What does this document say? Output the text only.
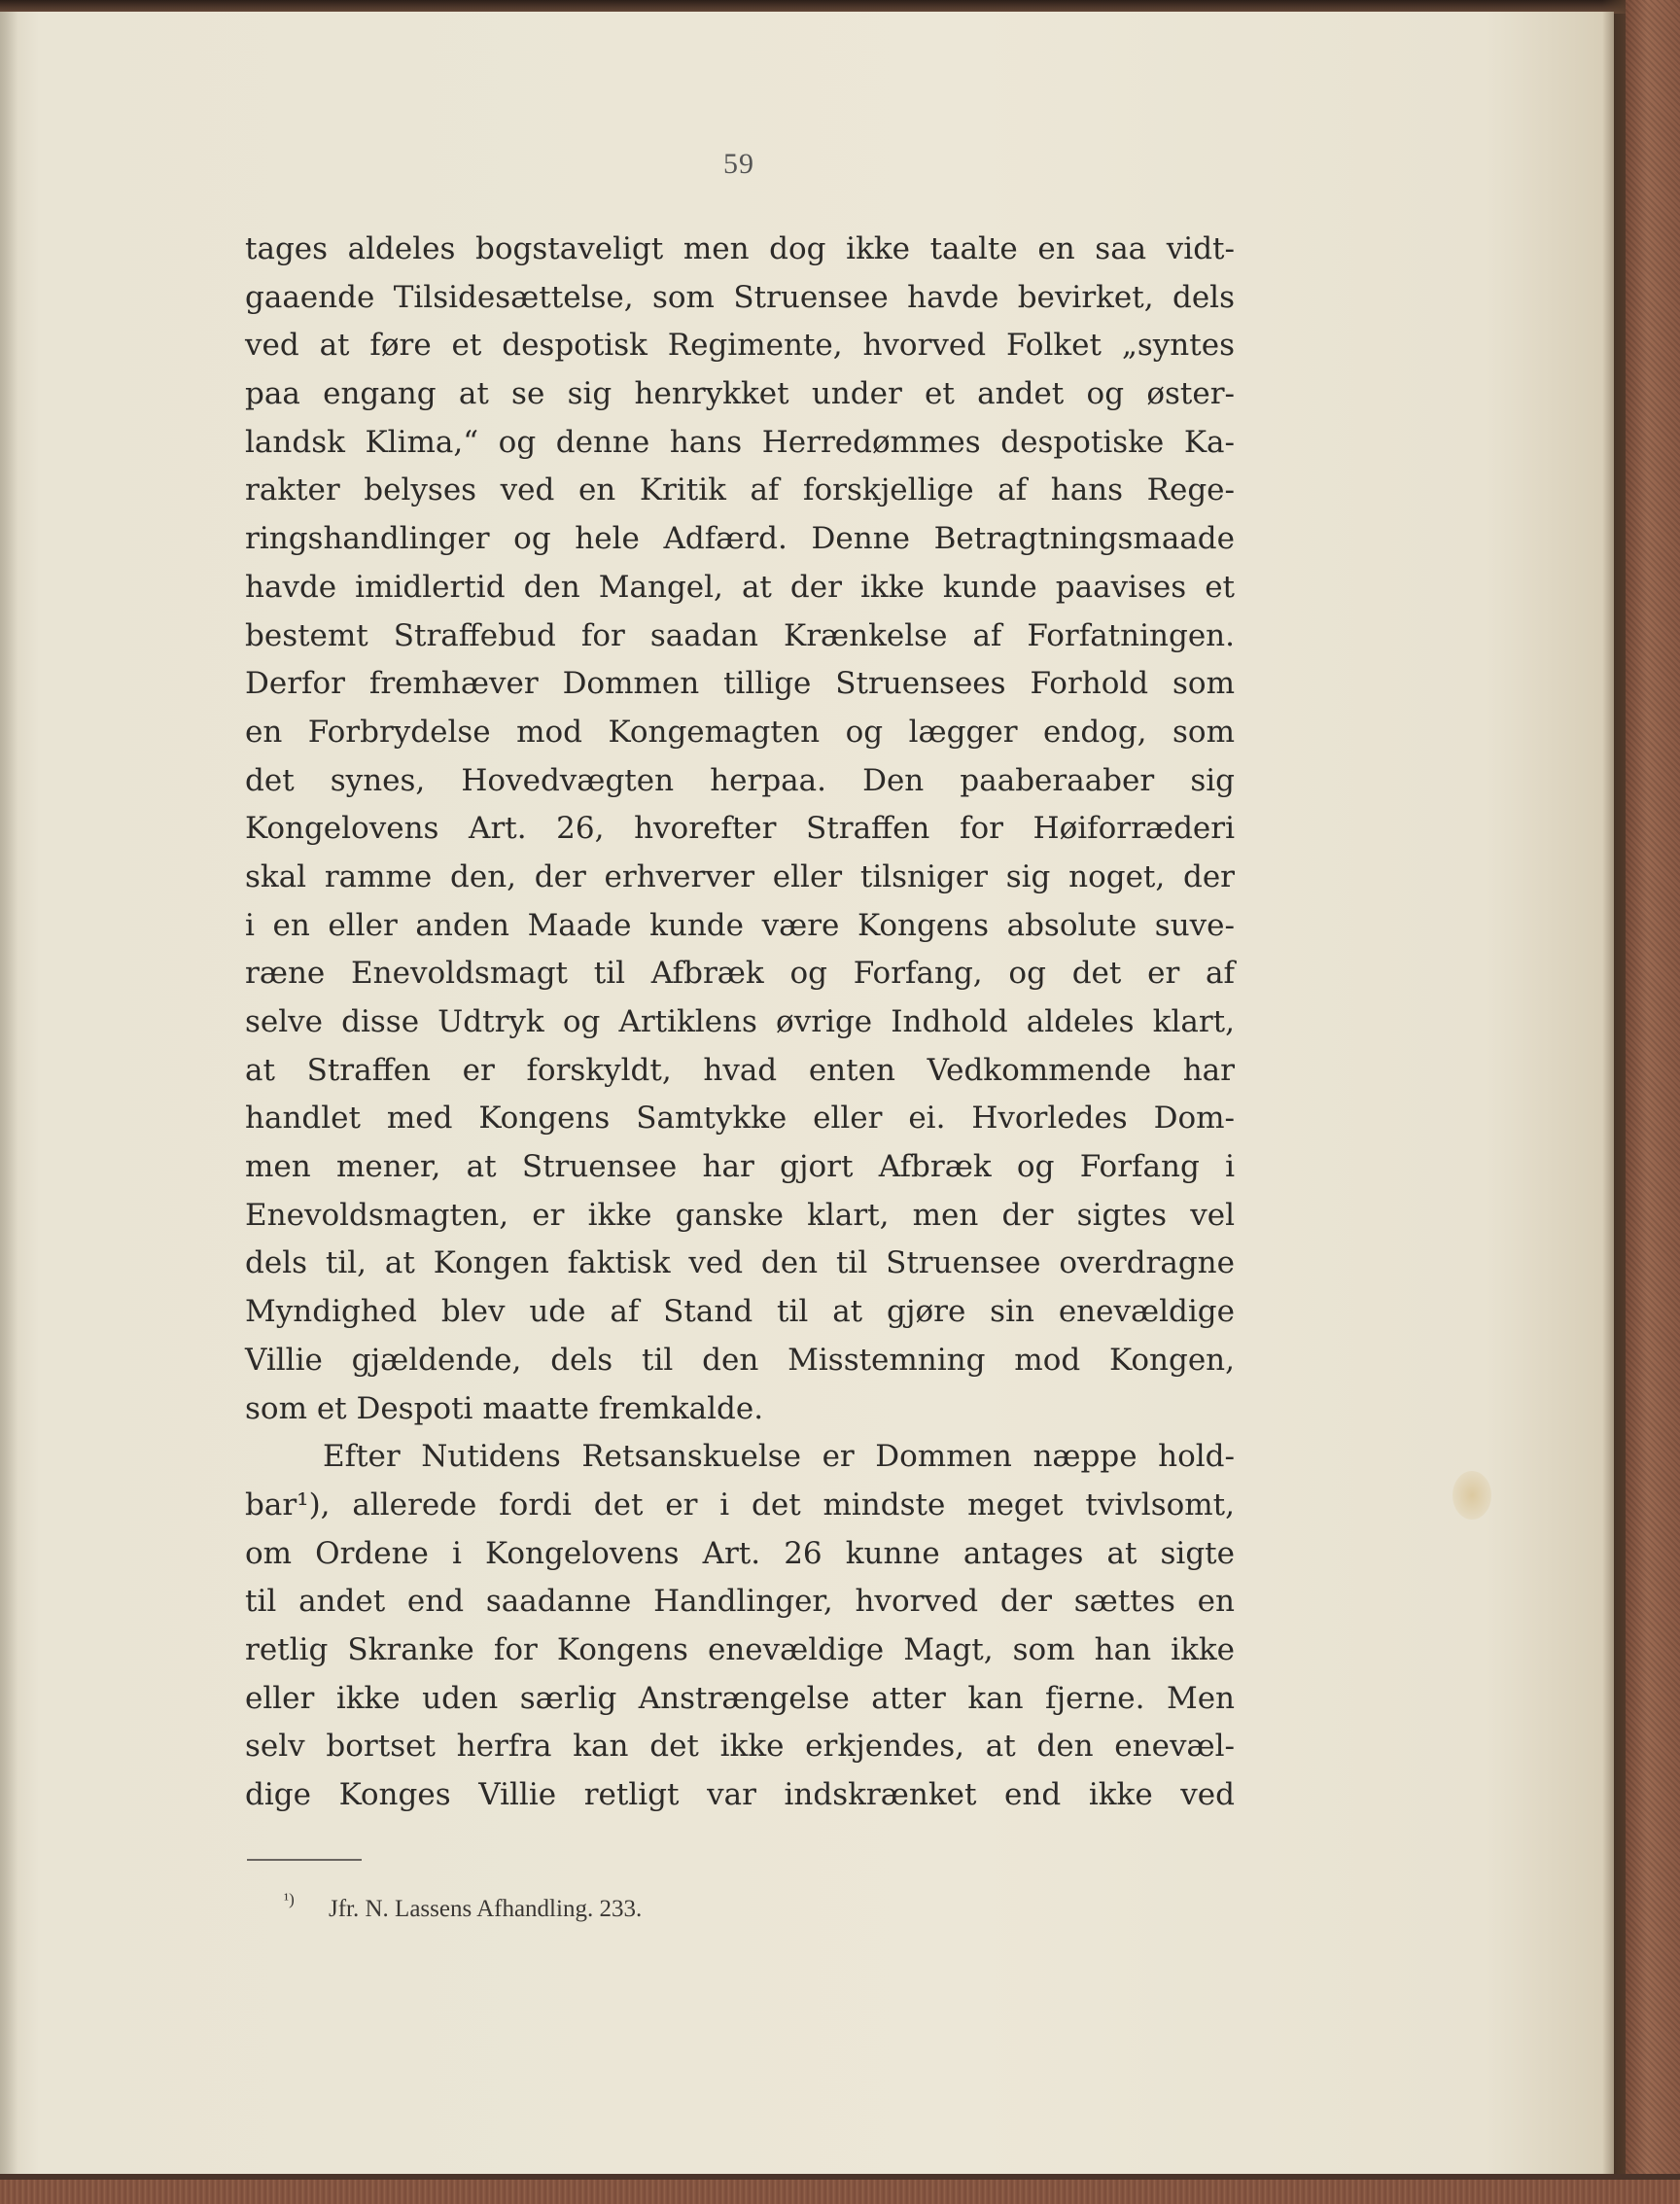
59
tages aldeles bogstaveligt men dog ikke taalte en saa vidt-
gaaende Tilsidesættelse, som Struensee havde bevirket, dels
ved at føre et despotisk Regimente, hvorved Folket „syntes
paa engang at se sig henrykket under et andet og øster-
landsk Klima,“ og denne hans Herredømmes despotiske Ka-
rakter belyses ved en Kritik af forskjellige af hans Rege-
ringshandlinger og hele Adfærd. Denne Betragtningsmaade
havde imidlertid den Mangel, at der ikke kunde paavises et
bestemt Straffebud for saadan Krænkelse af Forfatningen.
Derfor fremhæver Dommen tillige Struensees Forhold som
en Forbrydelse mod Kongemagten og lægger endog, som
det synes, Hovedvægten herpaa. Den paaberaaber sig
Kongelovens Art. 26, hvorefter Straffen for Høiforræderi
skal ramme den, der erhverver eller tilsniger sig noget, der
i en eller anden Maade kunde være Kongens absolute suve-
ræne Enevoldsmagt til Afbræk og Forfang, og det er af
selve disse Udtryk og Artiklens øvrige Indhold aldeles klart,
at Straffen er forskyldt, hvad enten Vedkommende har
handlet med Kongens Samtykke eller ei. Hvorledes Dom-
men mener, at Struensee har gjort Afbræk og Forfang i
Enevoldsmagten, er ikke ganske klart, men der sigtes vel
dels til, at Kongen faktisk ved den til Struensee overdragne
Myndighed blev ude af Stand til at gjøre sin enevældige
Villie gjældende, dels til den Misstemning mod Kongen,
som et Despoti maatte fremkalde.
Efter Nutidens Retsanskuelse er Dommen næppe hold-
bar¹), allerede fordi det er i det mindste meget tvivlsomt,
om Ordene i Kongelovens Art. 26 kunne antages at sigte
til andet end saadanne Handlinger, hvorved der sættes en
retlig Skranke for Kongens enevældige Magt, som han ikke
eller ikke uden særlig Anstrængelse atter kan fjerne. Men
selv bortset herfra kan det ikke erkjendes, at den enevæl-
dige Konges Villie retligt var indskrænket end ikke ved
¹) Jfr. N. Lassens Afhandling. 233.
